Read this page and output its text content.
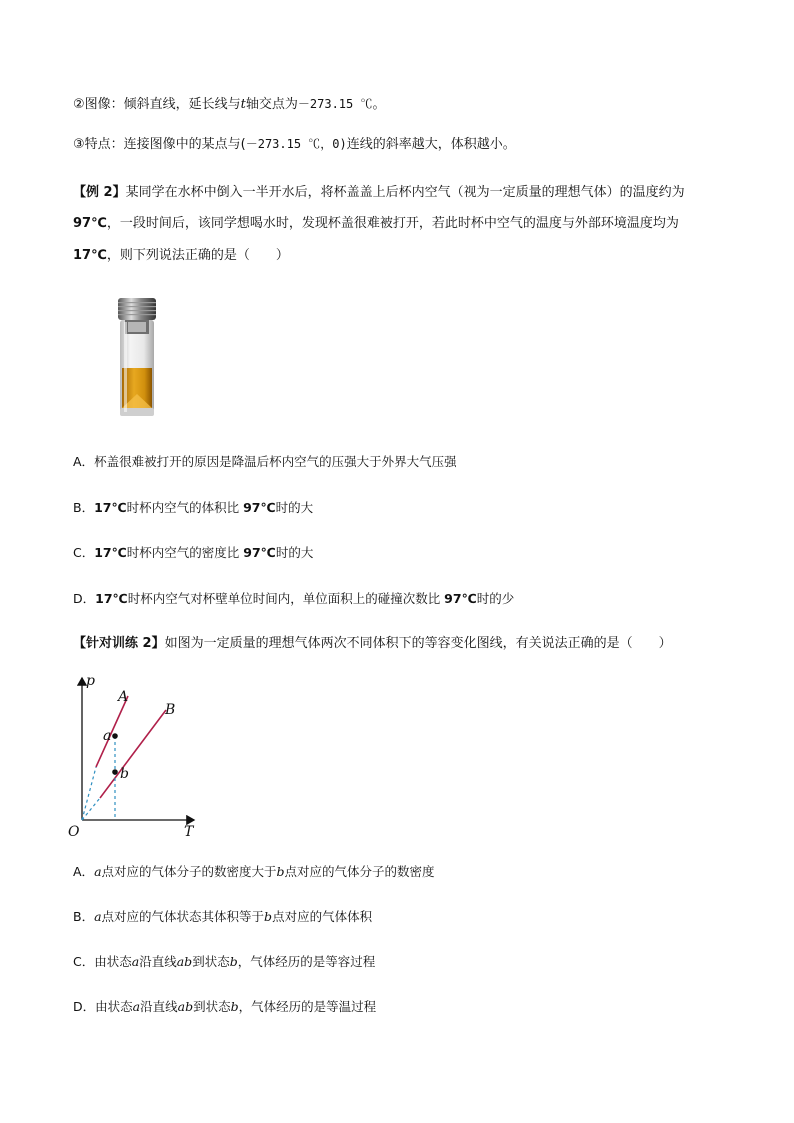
②图像：倾斜直线，延长线与t轴交点为－273.15 ℃。
③特点：连接图像中的某点与(－273.15 ℃，0)连线的斜率越大，体积越小。
【例 2】某同学在水杯中倒入一半开水后，将杯盖盖上后杯内空气（视为一定质量的理想气体）的温度约为
97℃，一段时间后，该同学想喝水时，发现杯盖很难被打开，若此时杯中空气的温度与外部环境温度均为
17℃，则下列说法正确的是（　　）
A．杯盖很难被打开的原因是降温后杯内空气的压强大于外界大气压强
B．17℃时杯内空气的体积比 97℃时的大
C．17℃时杯内空气的密度比 97℃时的大
D．17℃时杯内空气对杯壁单位时间内，单位面积上的碰撞次数比 97℃时的少
【针对训练 2】如图为一定质量的理想气体两次不同体积下的等容变化图线，有关说法正确的是（　　）
p
T
O
A
B
a
b
A．a点对应的气体分子的数密度大于b点对应的气体分子的数密度
B．a点对应的气体状态其体积等于b点对应的气体体积
C．由状态a沿直线ab到状态b，气体经历的是等容过程
D．由状态a沿直线ab到状态b，气体经历的是等温过程
